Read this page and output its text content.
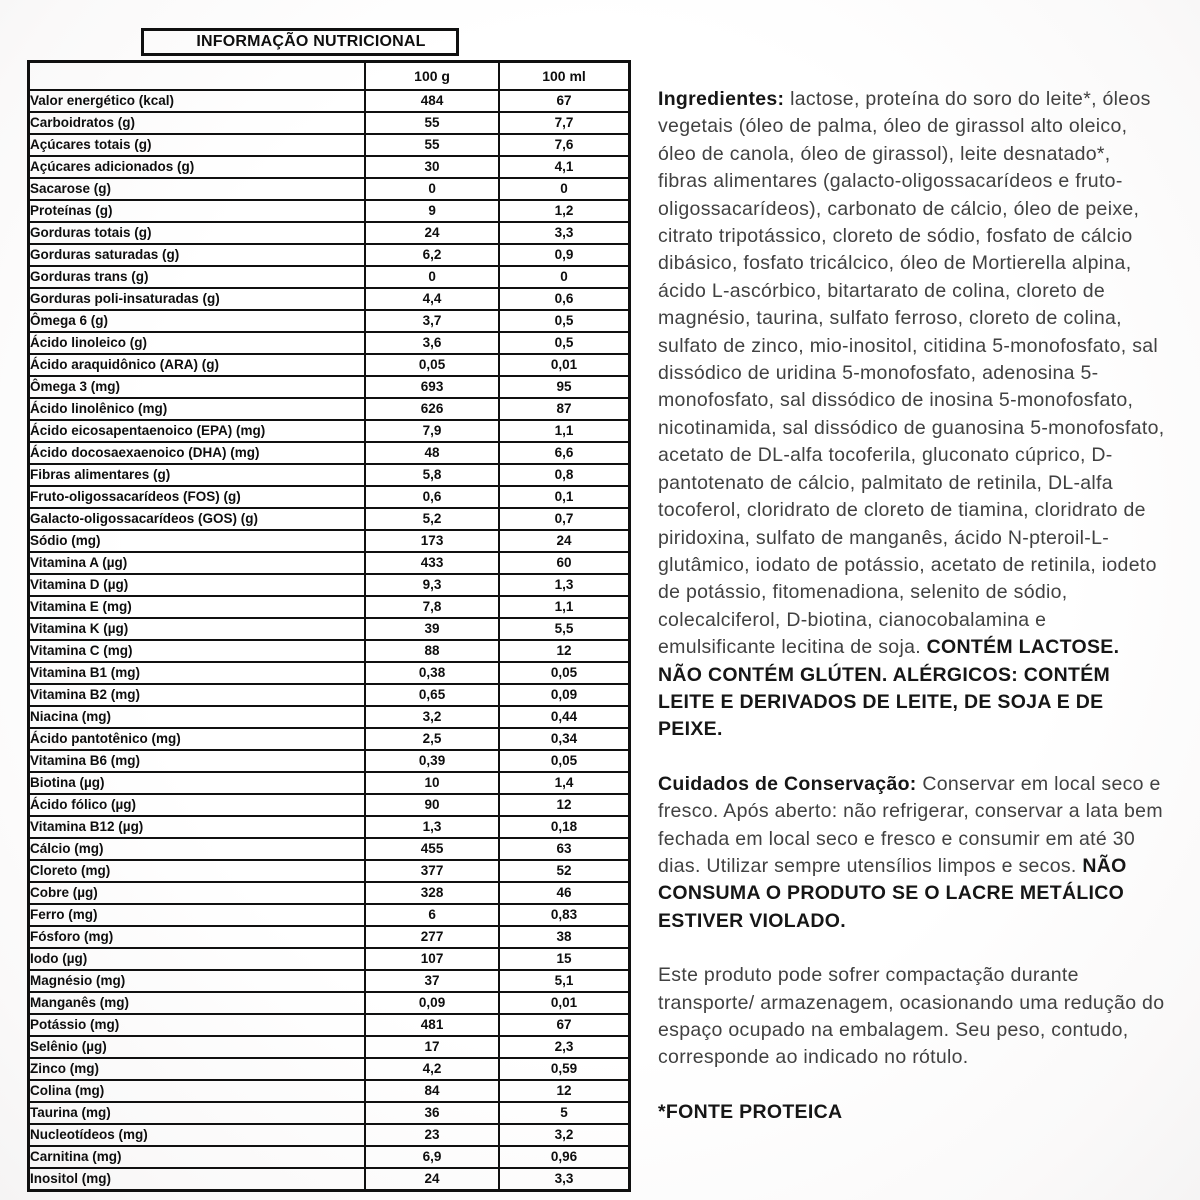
INFORMAÇÃO NUTRICIONAL
	100 g	100 ml
Valor energético (kcal)	484	67
Carboidratos (g)	55	7,7
Açúcares totais (g)	55	7,6
Açúcares adicionados (g)	30	4,1
Sacarose (g)	0	0
Proteínas (g)	9	1,2
Gorduras totais (g)	24	3,3
Gorduras saturadas (g)	6,2	0,9
Gorduras trans (g)	0	0
Gorduras poli-insaturadas (g)	4,4	0,6
Ômega 6 (g)	3,7	0,5
Ácido linoleico (g)	3,6	0,5
Ácido araquidônico (ARA) (g)	0,05	0,01
Ômega 3 (mg)	693	95
Ácido linolênico (mg)	626	87
Ácido eicosapentaenoico (EPA) (mg)	7,9	1,1
Ácido docosaexaenoico (DHA) (mg)	48	6,6
Fibras alimentares (g)	5,8	0,8
Fruto-oligossacarídeos (FOS) (g)	0,6	0,1
Galacto-oligossacarídeos (GOS) (g)	5,2	0,7
Sódio (mg)	173	24
Vitamina A (µg)	433	60
Vitamina D (µg)	9,3	1,3
Vitamina E (mg)	7,8	1,1
Vitamina K (µg)	39	5,5
Vitamina C (mg)	88	12
Vitamina B1 (mg)	0,38	0,05
Vitamina B2 (mg)	0,65	0,09
Niacina (mg)	3,2	0,44
Ácido pantotênico (mg)	2,5	0,34
Vitamina B6 (mg)	0,39	0,05
Biotina (µg)	10	1,4
Ácido fólico (µg)	90	12
Vitamina B12 (µg)	1,3	0,18
Cálcio (mg)	455	63
Cloreto (mg)	377	52
Cobre (µg)	328	46
Ferro (mg)	6	0,83
Fósforo (mg)	277	38
Iodo (µg)	107	15
Magnésio (mg)	37	5,1
Manganês (mg)	0,09	0,01
Potássio (mg)	481	67
Selênio (µg)	17	2,3
Zinco (mg)	4,2	0,59
Colina (mg)	84	12
Taurina (mg)	36	5
Nucleotídeos (mg)	23	3,2
Carnitina (mg)	6,9	0,96
Inositol (mg)	24	3,3

Ingredientes: lactose, proteína do soro do leite*, óleos vegetais (óleo de palma, óleo de girassol alto oleico, óleo de canola, óleo de girassol), leite desnatado*, fibras alimentares (galacto-oligossacarídeos e fruto-oligossacarídeos), carbonato de cálcio, óleo de peixe, citrato tripotássico, cloreto de sódio, fosfato de cálcio dibásico, fosfato tricálcico, óleo de Mortierella alpina, ácido L-ascórbico, bitartarato de colina, cloreto de magnésio, taurina, sulfato ferroso, cloreto de colina, sulfato de zinco, mio-inositol, citidina 5-monofosfato, sal dissódico de uridina 5-monofosfato, adenosina 5-monofosfato, sal dissódico de inosina 5-monofosfato, nicotinamida, sal dissódico de guanosina 5-monofosfato, acetato de DL-alfa tocoferila, gluconato cúprico, D-pantotenato de cálcio, palmitato de retinila, DL-alfa tocoferol, cloridrato de cloreto de tiamina, cloridrato de piridoxina, sulfato de manganês, ácido N-pteroil-L-glutâmico, iodato de potássio, acetato de retinila, iodeto de potássio, fitomenadiona, selenito de sódio, colecalciferol, D-biotina, cianocobalamina e emulsificante lecitina de soja. CONTÉM LACTOSE. NÃO CONTÉM GLÚTEN. ALÉRGICOS: CONTÉM LEITE E DERIVADOS DE LEITE, DE SOJA E DE PEIXE.

Cuidados de Conservação: Conservar em local seco e fresco. Após aberto: não refrigerar, conservar a lata bem fechada em local seco e fresco e consumir em até 30 dias. Utilizar sempre utensílios limpos e secos. NÃO CONSUMA O PRODUTO SE O LACRE METÁLICO ESTIVER VIOLADO.

Este produto pode sofrer compactação durante transporte/ armazenagem, ocasionando uma redução do espaço ocupado na embalagem. Seu peso, contudo, corresponde ao indicado no rótulo.

*FONTE PROTEICA
